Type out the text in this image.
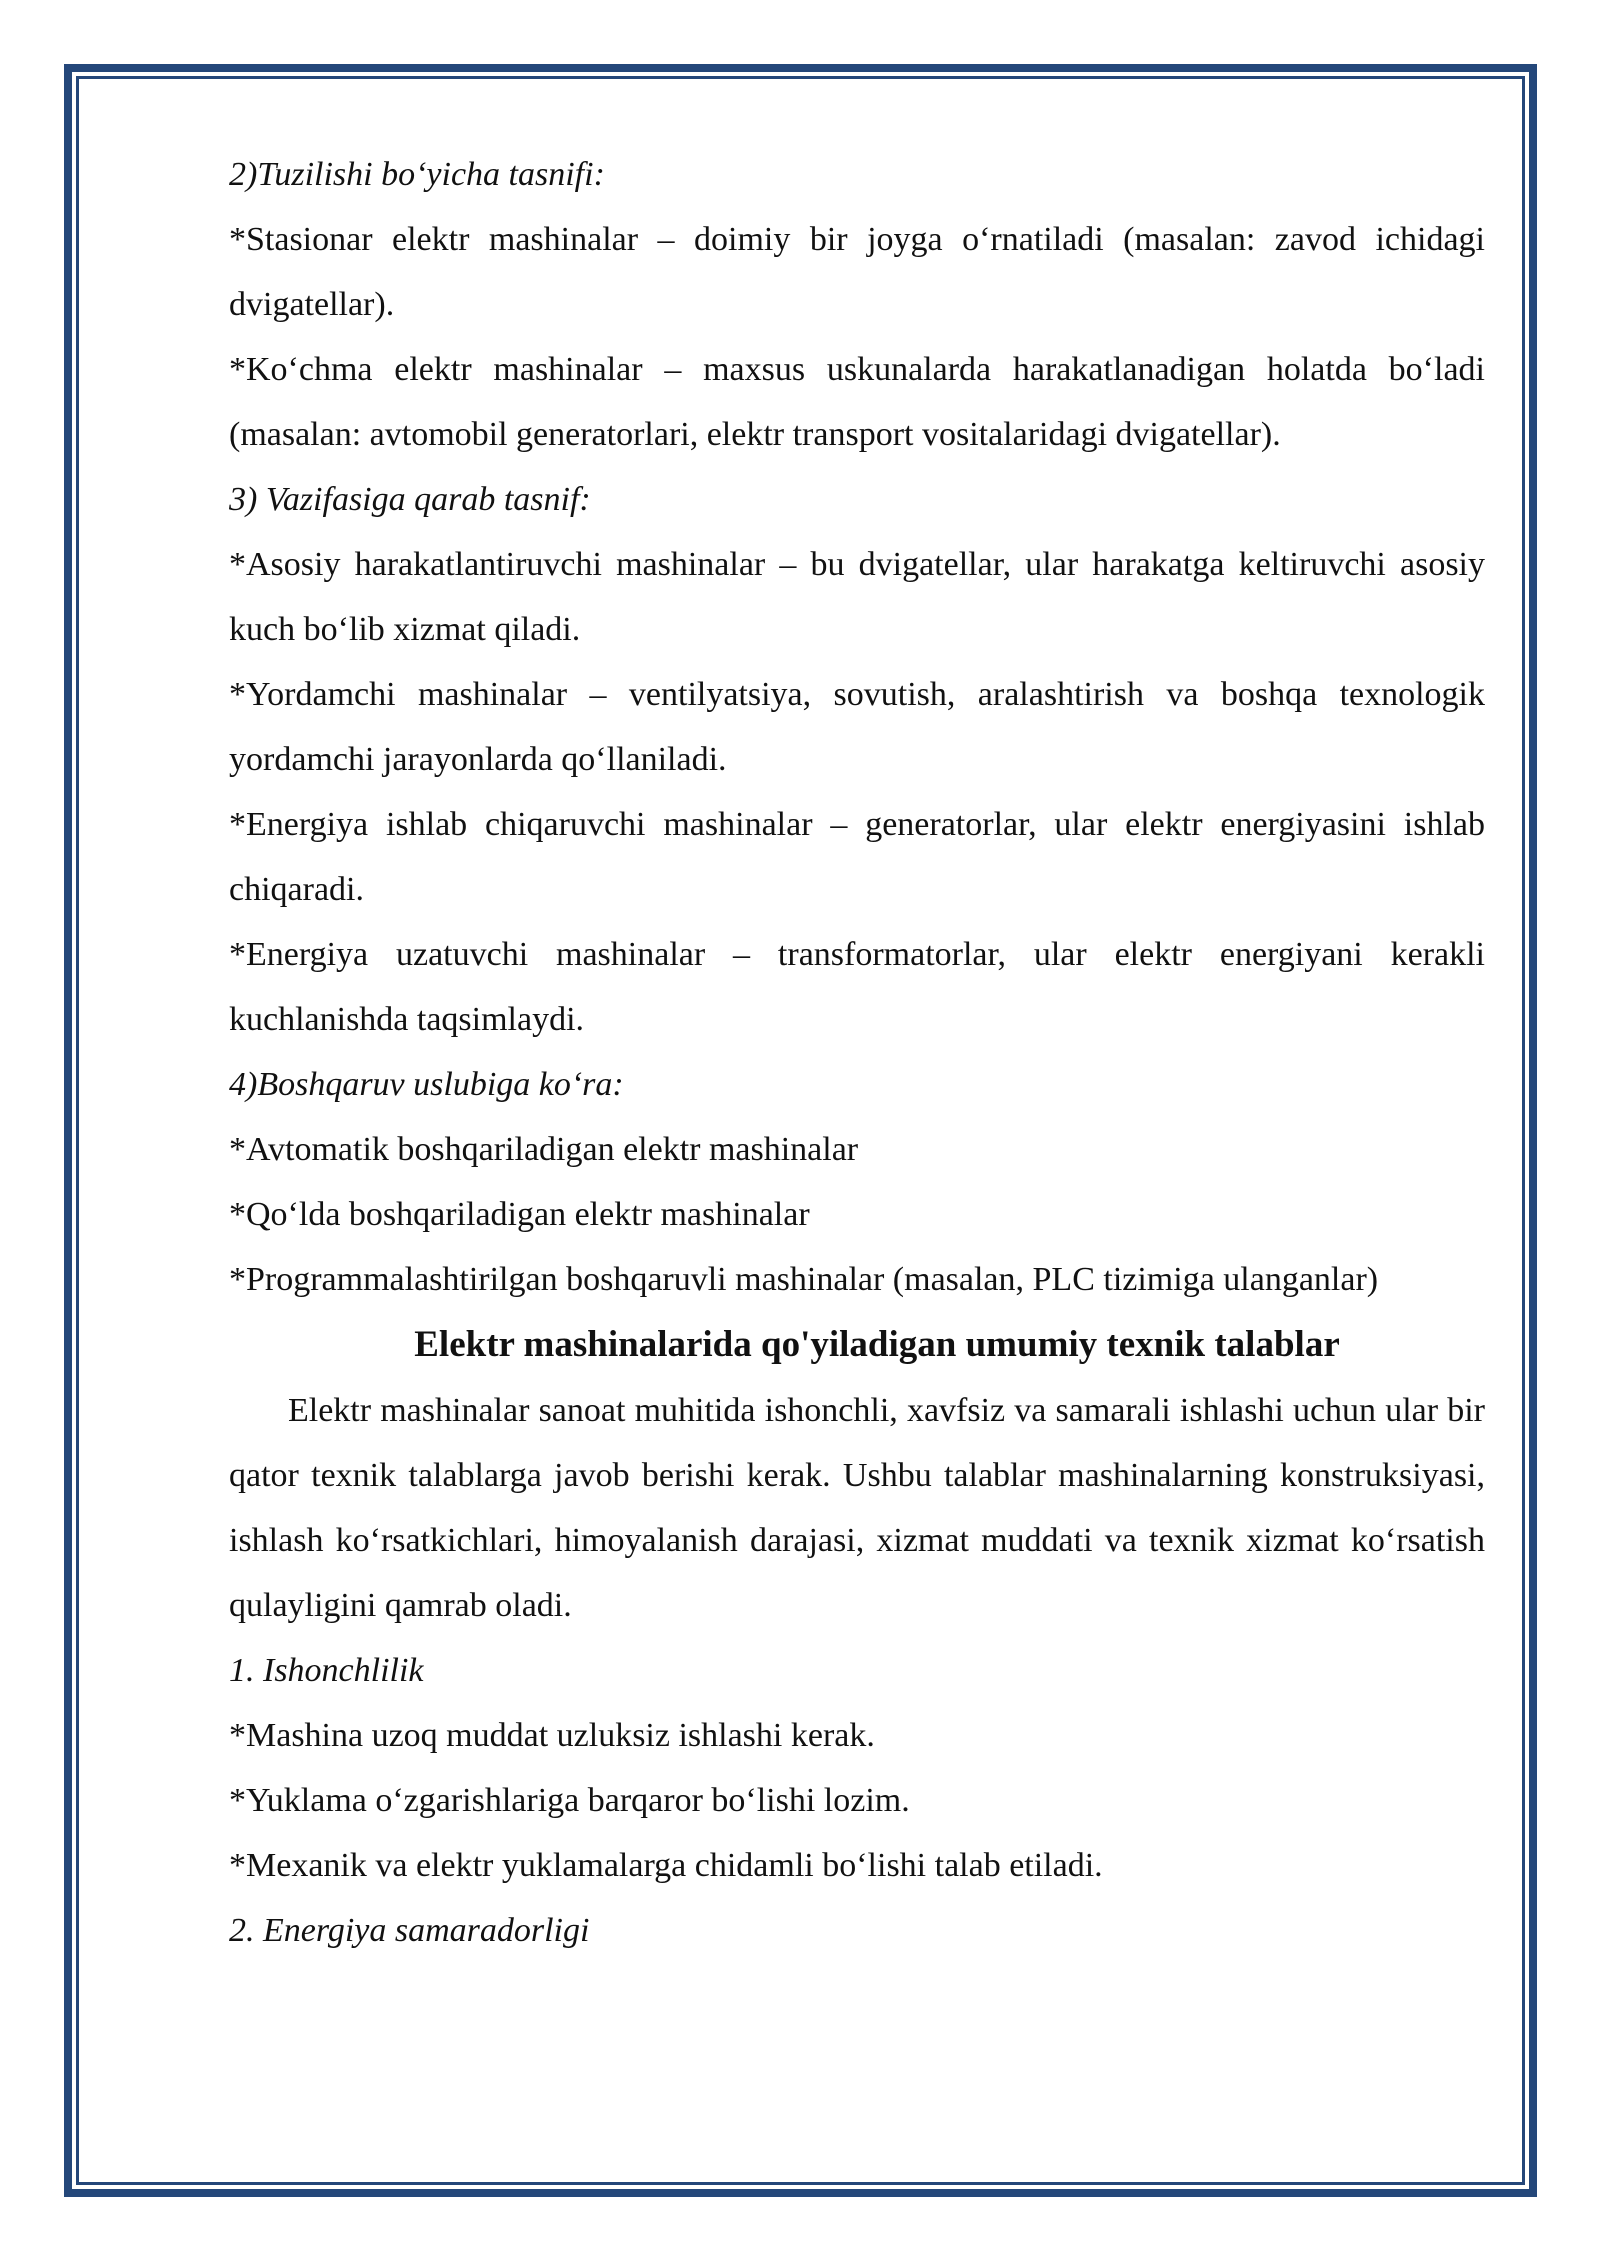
2)Tuzilishi bo‘yicha tasnifi:

*Stasionar elektr mashinalar – doimiy bir joyga o‘rnatiladi (masalan: zavod ichidagi dvigatellar).

*Ko‘chma elektr mashinalar – maxsus uskunalarda harakatlanadigan holatda bo‘ladi (masalan: avtomobil generatorlari, elektr transport vositalaridagi dvigatellar).

3) Vazifasiga qarab tasnif:

*Asosiy harakatlantiruvchi mashinalar – bu dvigatellar, ular harakatga keltiruvchi asosiy kuch bo‘lib xizmat qiladi.

*Yordamchi mashinalar – ventilyatsiya, sovutish, aralashtirish va boshqa texnologik yordamchi jarayonlarda qo‘llaniladi.

*Energiya ishlab chiqaruvchi mashinalar – generatorlar, ular elektr energiyasini ishlab chiqaradi.

*Energiya uzatuvchi mashinalar – transformatorlar, ular elektr energiyani kerakli kuchlanishda taqsimlaydi.

4)Boshqaruv uslubiga ko‘ra:

*Avtomatik boshqariladigan elektr mashinalar

*Qo‘lda boshqariladigan elektr mashinalar

*Programmalashtirilgan boshqaruvli mashinalar (masalan, PLC tizimiga ulanganlar)

Elektr mashinalarida qo'yiladigan umumiy texnik talablar

Elektr mashinalar sanoat muhitida ishonchli, xavfsiz va samarali ishlashi uchun ular bir qator texnik talablarga javob berishi kerak. Ushbu talablar mashinalarning konstruksiyasi, ishlash ko‘rsatkichlari, himoyalanish darajasi, xizmat muddati va texnik xizmat ko‘rsatish qulayligini qamrab oladi.

1. Ishonchlilik

*Mashina uzoq muddat uzluksiz ishlashi kerak.

*Yuklama o‘zgarishlariga barqaror bo‘lishi lozim.

*Mexanik va elektr yuklamalarga chidamli bo‘lishi talab etiladi.

2. Energiya samaradorligi
